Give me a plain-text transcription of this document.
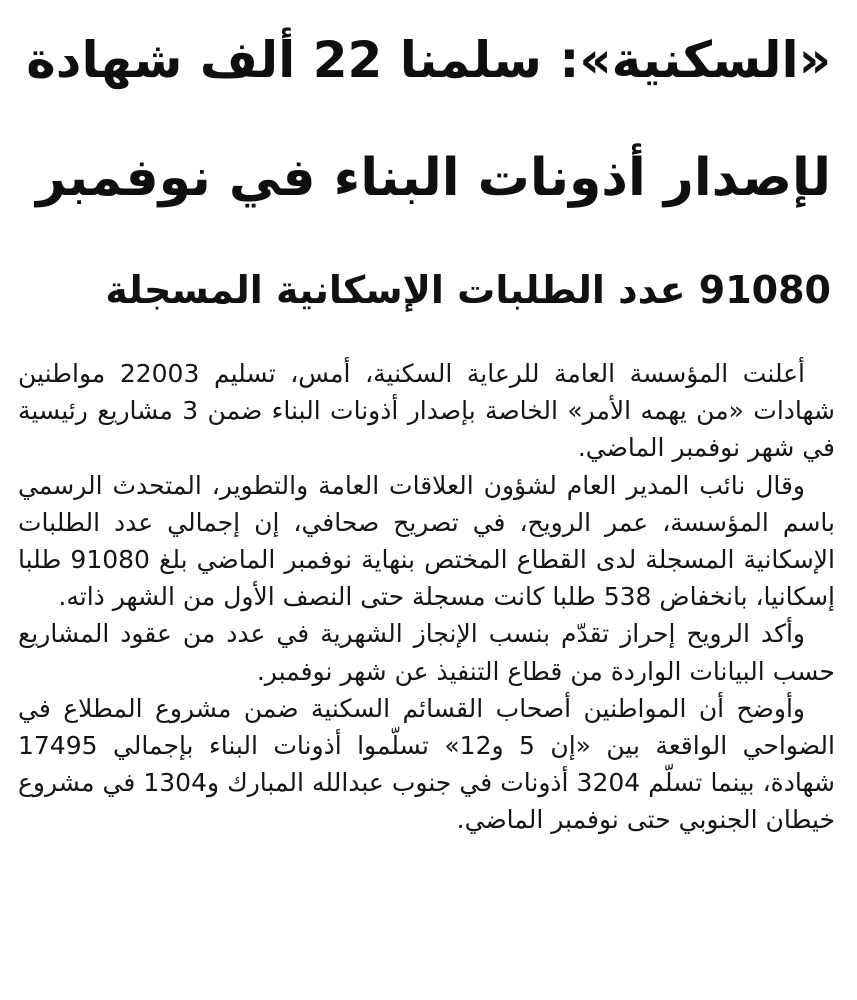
«السكنية»: سلمنا 22 ألف شهادة
لإصدار أذونات البناء في نوفمبر
91080 عدد الطلبات الإسكانية المسجلة

أعلنت المؤسسة العامة للرعاية السكنية، أمس، تسليم 22003 مواطنين شهادات «من يهمه الأمر» الخاصة بإصدار أذونات البناء ضمن 3 مشاريع رئيسية في شهر نوفمبر الماضي.

وقال نائب المدير العام لشؤون العلاقات العامة والتطوير، المتحدث الرسمي باسم المؤسسة، عمر الرويح، في تصريح صحافي، إن إجمالي عدد الطلبات الإسكانية المسجلة لدى القطاع المختص بنهاية نوفمبر الماضي بلغ 91080 طلبا إسكانيا، بانخفاض 538 طلبا كانت مسجلة حتى النصف الأول من الشهر ذاته.

وأكد الرويح إحراز تقدّم بنسب الإنجاز الشهرية في عدد من عقود المشاريع حسب البيانات الواردة من قطاع التنفيذ عن شهر نوفمبر.

وأوضح أن المواطنين أصحاب القسائم السكنية ضمن مشروع المطلاع في الضواحي الواقعة بين «إن 5 و12» تسلّموا أذونات البناء بإجمالي 17495 شهادة، بينما تسلّم 3204 أذونات في جنوب عبدالله المبارك و1304 في مشروع خيطان الجنوبي حتى نوفمبر الماضي.
